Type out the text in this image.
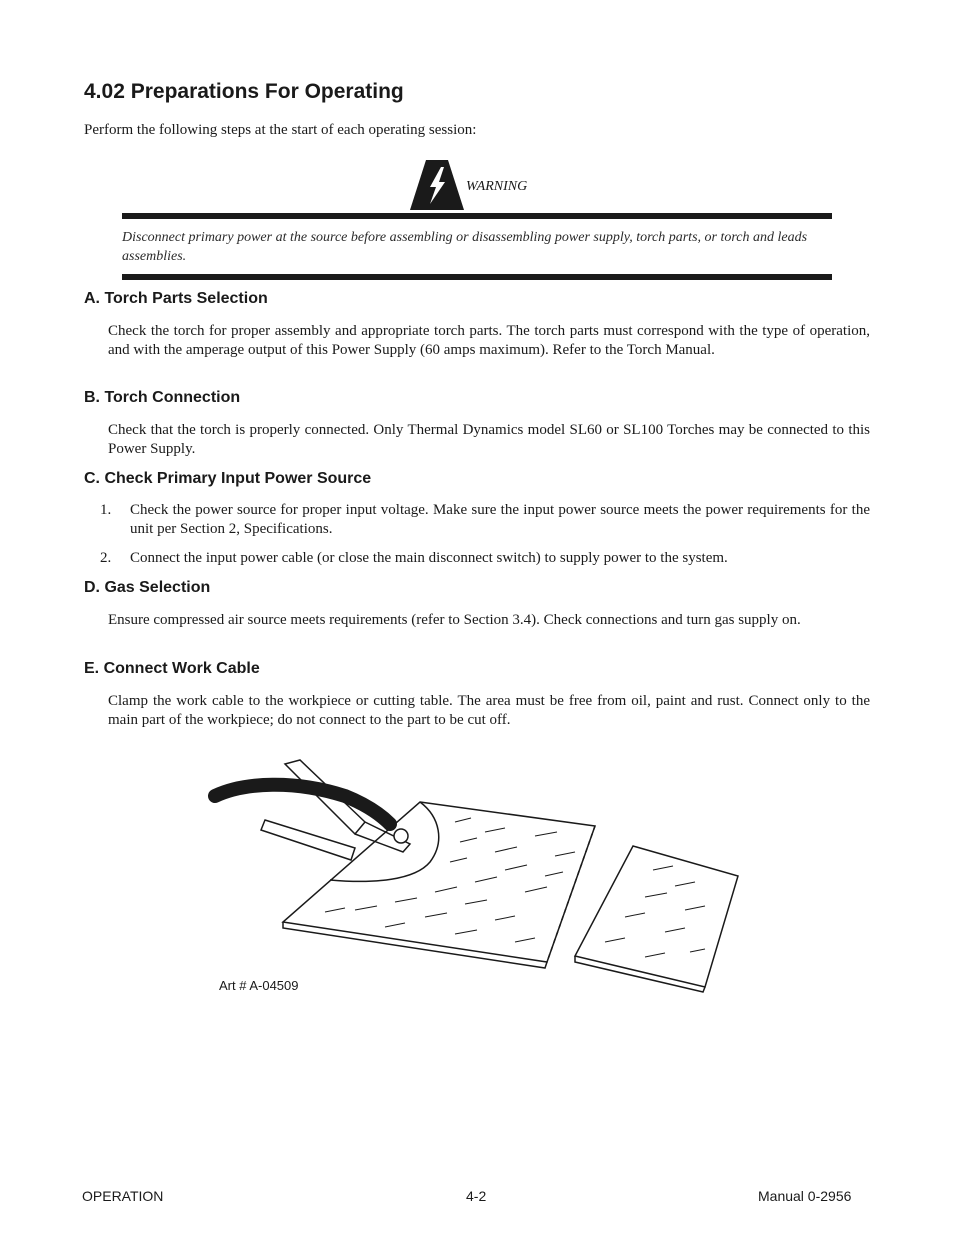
4.02 Preparations For Operating
Perform the following steps at the start of each operating session:
WARNING
Disconnect primary power at the source before assembling or disassembling power supply, torch parts, or torch and leads assemblies.
A. Torch Parts Selection
Check the torch for proper assembly and appropriate torch parts. The torch parts must correspond with the type of operation, and with the amperage output of this Power Supply (60 amps maximum). Refer to the Torch Manual.
B. Torch Connection
Check that the torch is properly connected. Only Thermal Dynamics model SL60 or SL100 Torches may be connected to this Power Supply.
C. Check Primary Input Power Source
1.	Check the power source for proper input voltage. Make sure the input power source meets the power requirements for the unit per Section 2, Specifications.
2.	Connect the input power cable (or close the main disconnect switch) to supply power to the system.
D. Gas Selection
Ensure compressed air source meets requirements (refer to Section 3.4). Check connections and turn gas supply on.
E. Connect Work Cable
Clamp the work cable to the workpiece or cutting table. The area must be free from oil, paint and rust. Connect only to the main part of the workpiece; do not connect to the part to be cut off.
Art # A-04509
OPERATION	4-2	Manual 0-2956
